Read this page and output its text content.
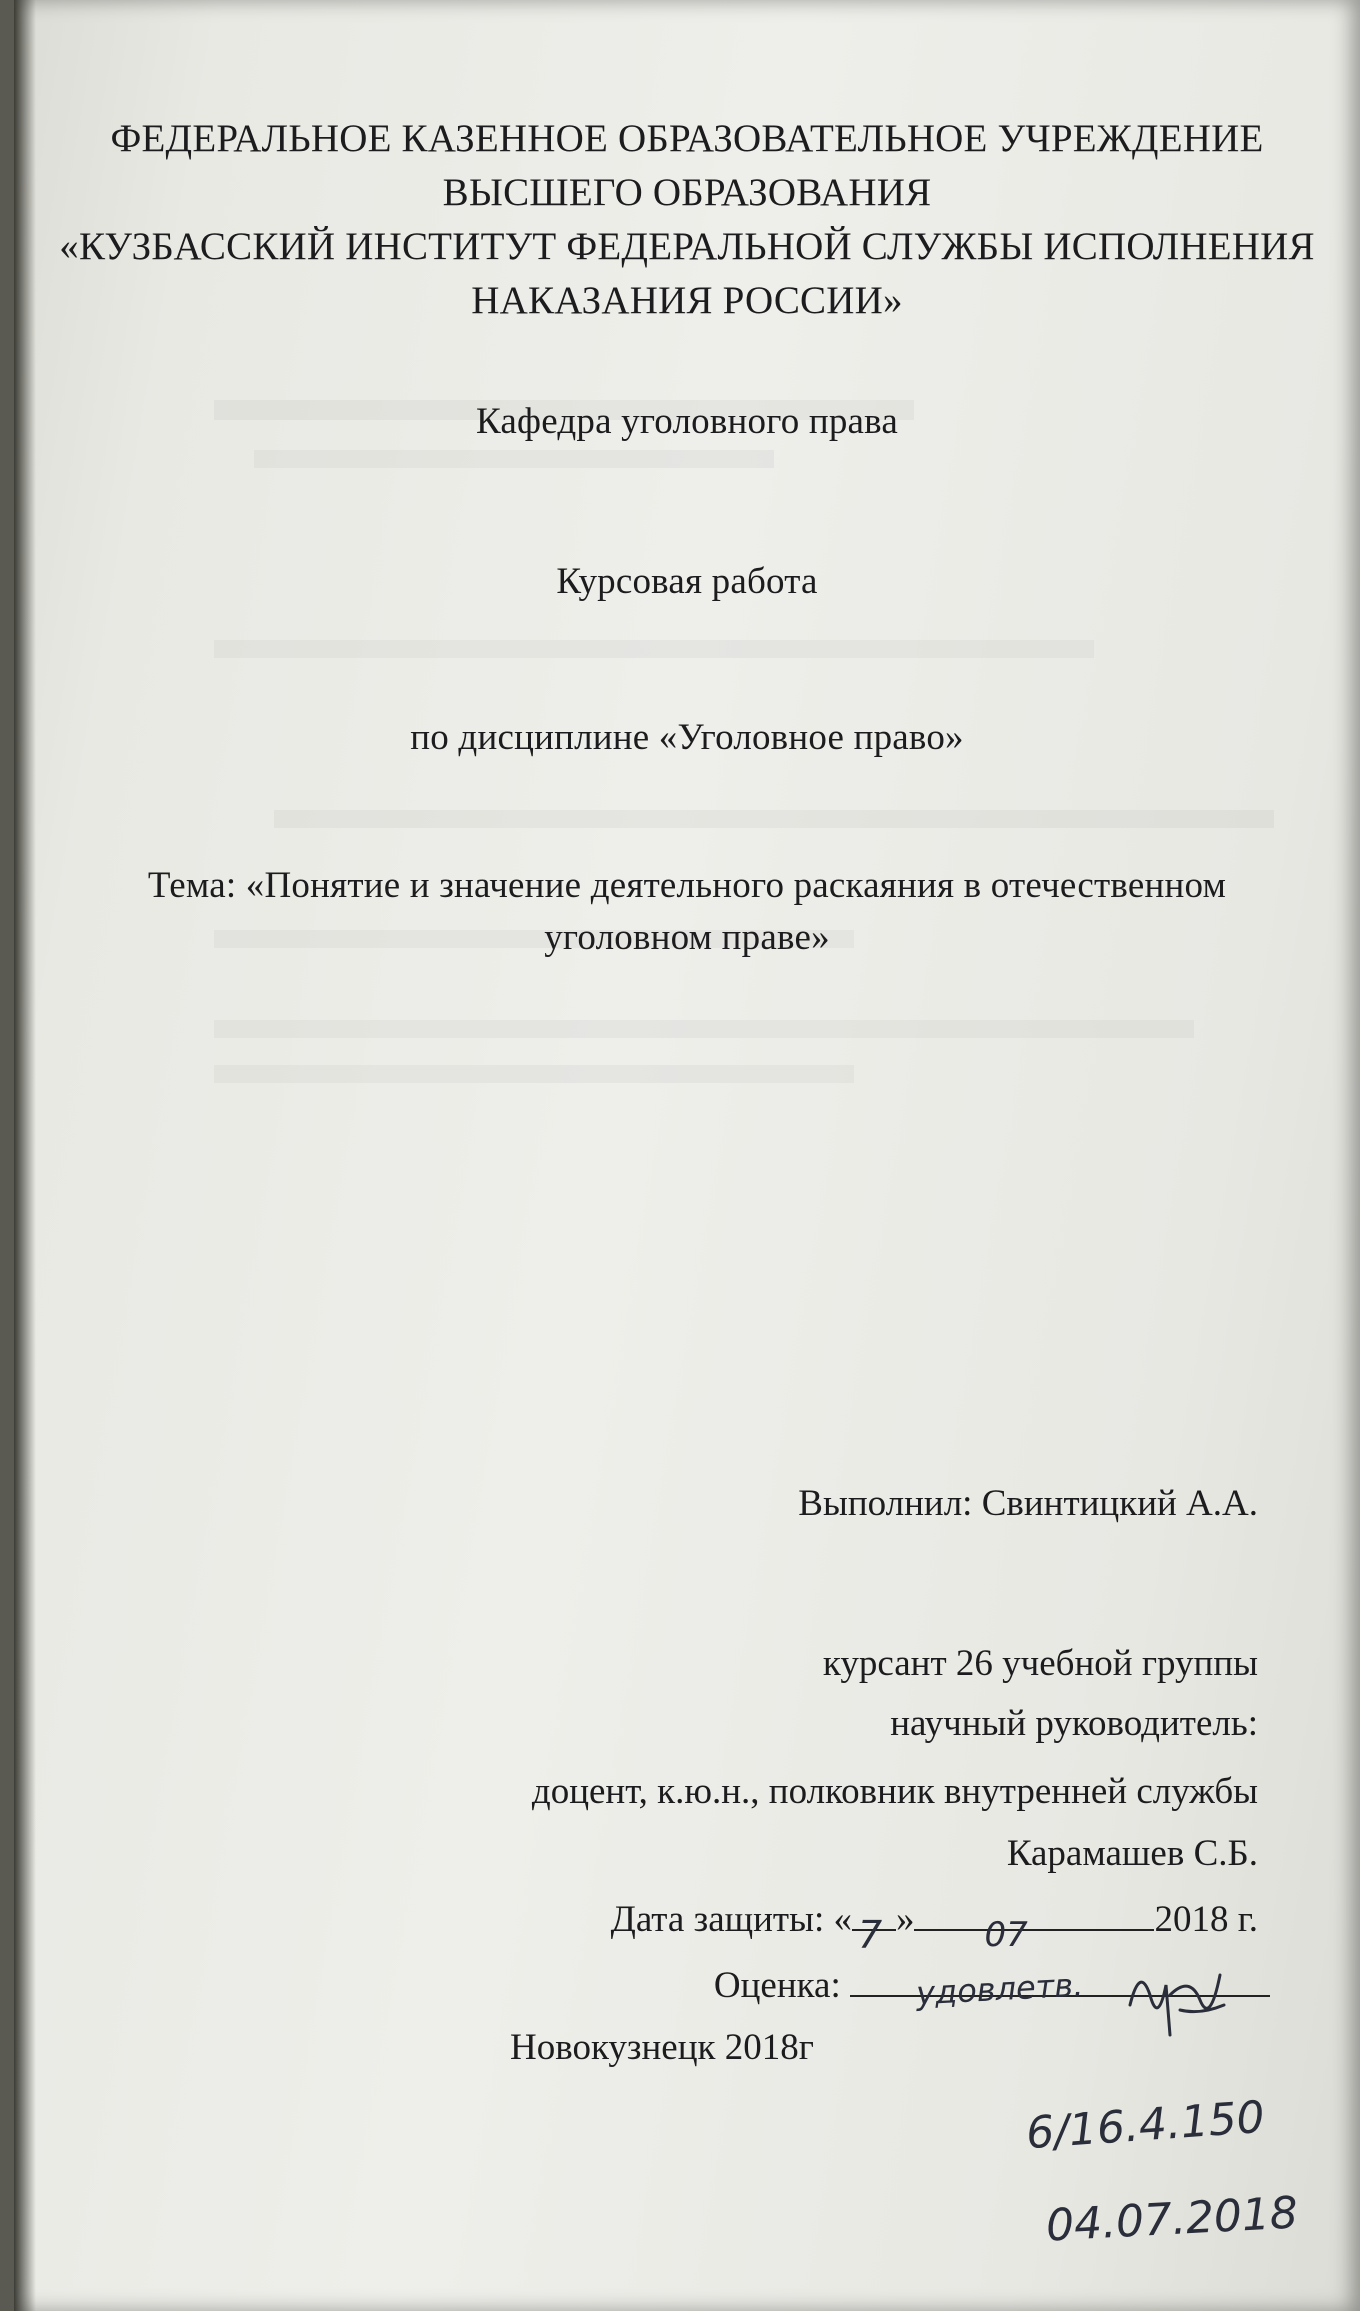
ФЕДЕРАЛЬНОЕ КАЗЕННОЕ ОБРАЗОВАТЕЛЬНОЕ УЧРЕЖДЕНИЕ
ВЫСШЕГО ОБРАЗОВАНИЯ
«КУЗБАССКИЙ ИНСТИТУТ ФЕДЕРАЛЬНОЙ СЛУЖБЫ ИСПОЛНЕНИЯ
НАКАЗАНИЯ РОССИИ»
Кафедра уголовного права
Курсовая работа
по дисциплине «Уголовное право»
Тема: «Понятие и значение деятельного раскаяния в отечественном
уголовном праве»
Выполнил: Свинтицкий А.А.
курсант 26 учебной группы
научный руководитель:
доцент, к.ю.н., полковник внутренней службы
Карамашев С.Б.
Дата защиты: « 7 » 07	2018 г.
Оценка: удовлетв.
Новокузнецк 2018г
6/16.4.150
04.07.2018
